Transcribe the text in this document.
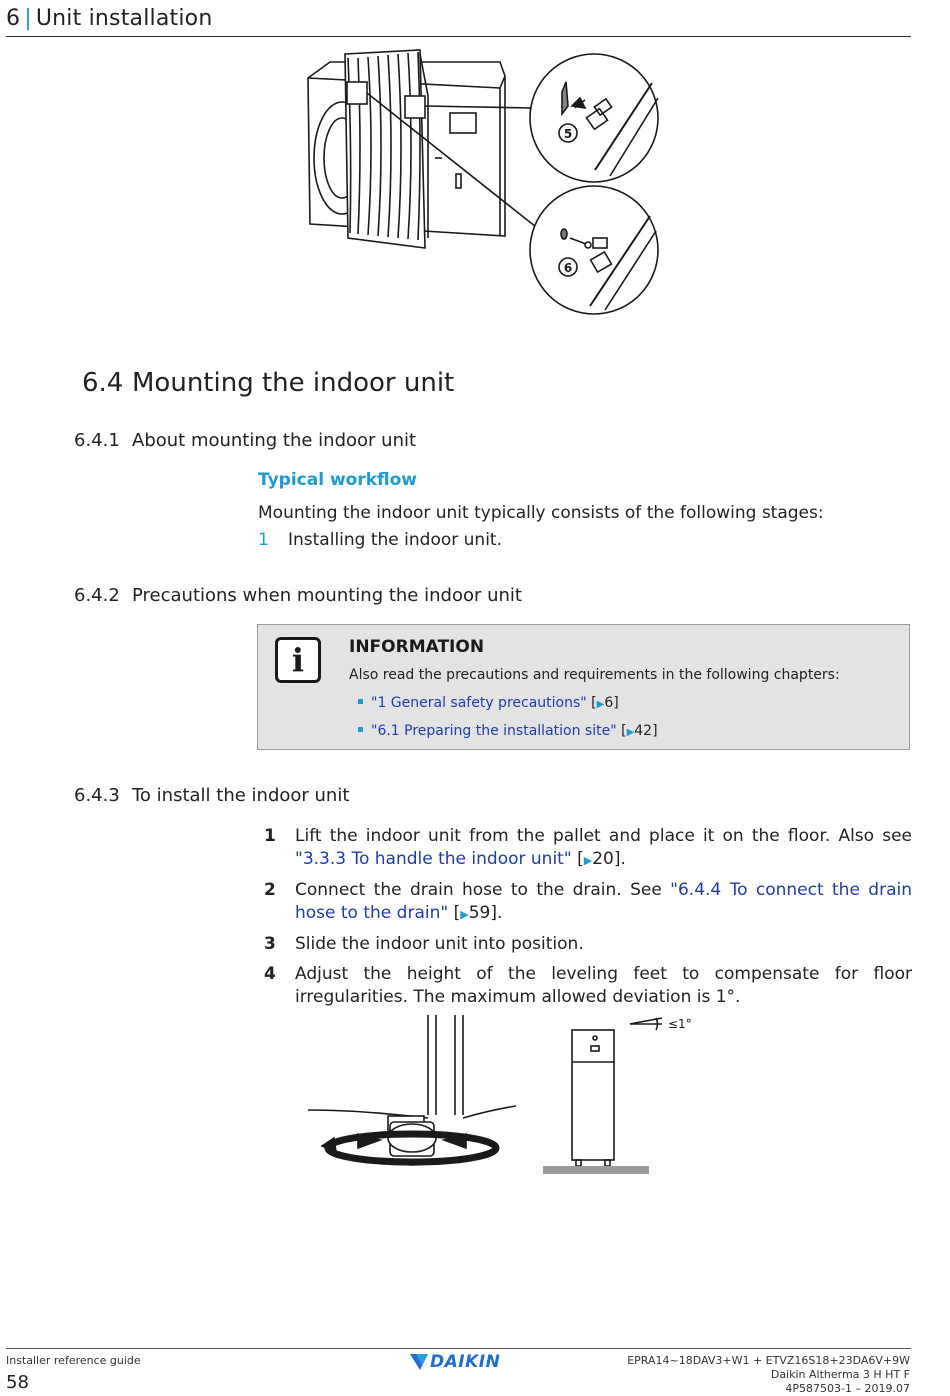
6 | Unit installation
5
6
6.4 Mounting the indoor unit
6.4.1 About mounting the indoor unit
Typical workflow
Mounting the indoor unit typically consists of the following stages:
1 Installing the indoor unit.
6.4.2 Precautions when mounting the indoor unit
i	INFORMATION
Also read the precautions and requirements in the following chapters:
"1 General safety precautions" [▶6]
"6.1 Preparing the installation site" [▶42]
6.4.3 To install the indoor unit
1 Lift the indoor unit from the pallet and place it on the floor. Also see "3.3.3 To handle the indoor unit" [▶20].
2 Connect the drain hose to the drain. See "6.4.4 To connect the drain hose to the drain" [▶59].
3 Slide the indoor unit into position.
4 Adjust the height of the leveling feet to compensate for floor irregularities. The maximum allowed deviation is 1°.
≤1°
Installer reference guide
58
DAIKIN	EPRA14~18DAV3+W1 + ETVZ16S18+23DA6V+9W
Daikin Altherma 3 H HT F
4P587503-1 – 2019.07
